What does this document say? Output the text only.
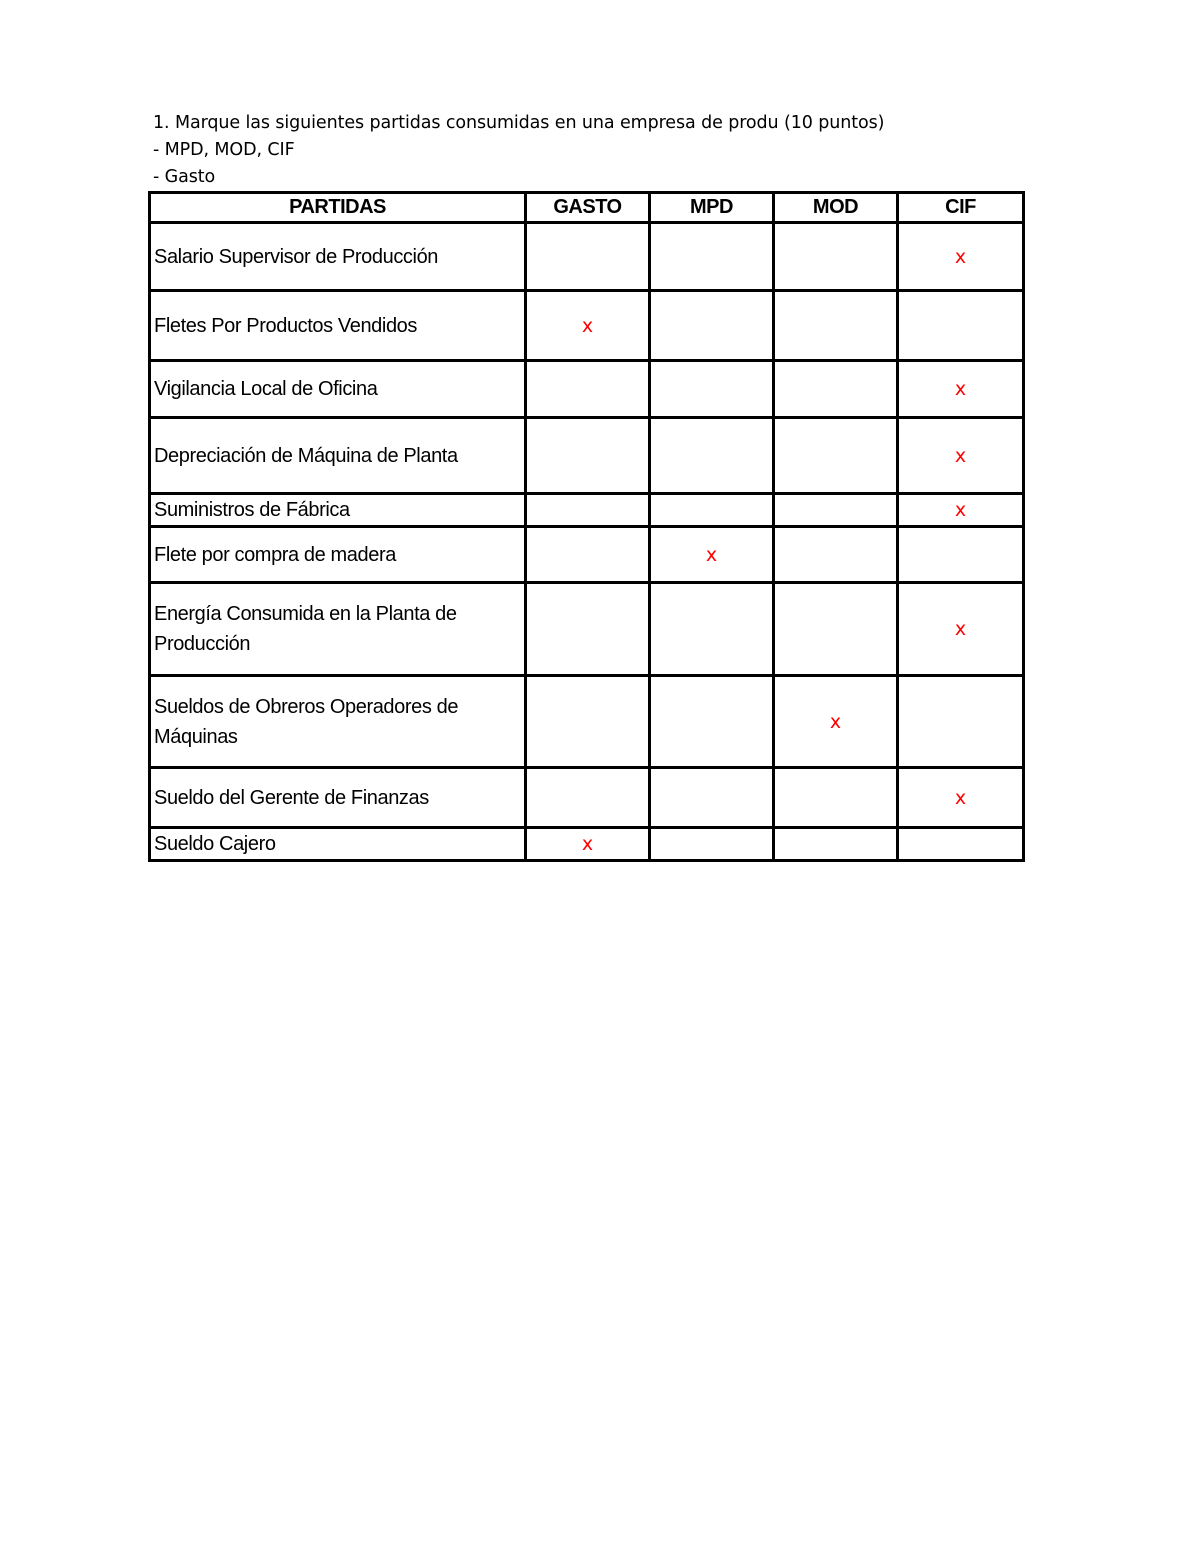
1. Marque las siguientes partidas consumidas en una empresa de produ (10 puntos)
- MPD, MOD, CIF
- Gasto
PARTIDAS	GASTO	MPD	MOD	CIF
Salario Supervisor de Producción				x
Fletes Por Productos Vendidos	x			
Vigilancia Local de Oficina				x
Depreciación de Máquina de Planta				x
Suministros de Fábrica				x
Flete por compra de madera		x		
Energía Consumida en la Planta de Producción				x
Sueldos de Obreros Operadores de Máquinas			x	
Sueldo del Gerente de Finanzas				x
Sueldo Cajero	x			
